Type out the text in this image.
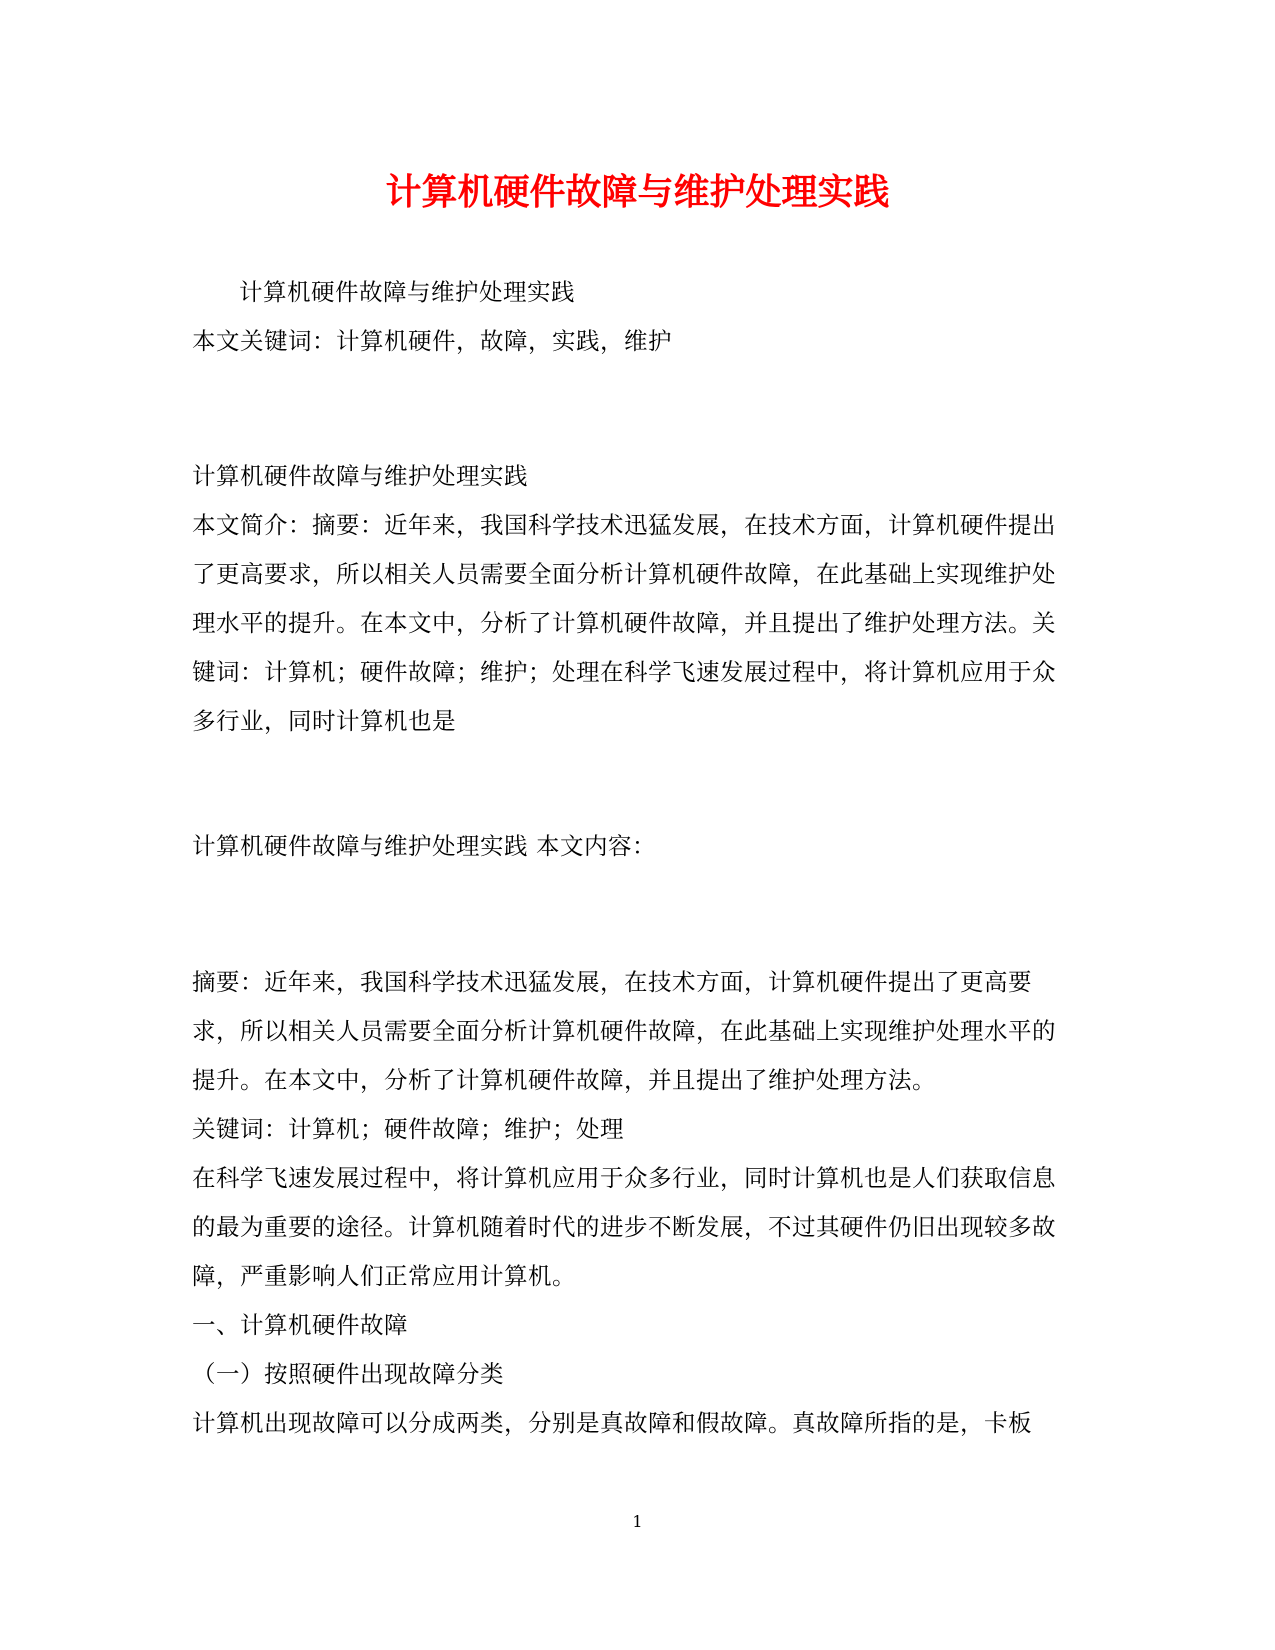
计算机硬件故障与维护处理实践

计算机硬件故障与维护处理实践

本文关键词：计算机硬件，故障，实践，维护

计算机硬件故障与维护处理实践

本文简介：摘要：近年来，我国科学技术迅猛发展，在技术方面，计算机硬件提出了更高要求，所以相关人员需要全面分析计算机硬件故障，在此基础上实现维护处理水平的提升。在本文中，分析了计算机硬件故障，并且提出了维护处理方法。关键词：计算机；硬件故障；维护；处理在科学飞速发展过程中，将计算机应用于众多行业，同时计算机也是

计算机硬件故障与维护处理实践 本文内容：

摘要：近年来，我国科学技术迅猛发展，在技术方面，计算机硬件提出了更高要求，所以相关人员需要全面分析计算机硬件故障，在此基础上实现维护处理水平的提升。在本文中，分析了计算机硬件故障，并且提出了维护处理方法。

关键词：计算机；硬件故障；维护；处理

在科学飞速发展过程中，将计算机应用于众多行业，同时计算机也是人们获取信息的最为重要的途径。计算机随着时代的进步不断发展，不过其硬件仍旧出现较多故障，严重影响人们正常应用计算机。

一、计算机硬件故障

（一）按照硬件出现故障分类

计算机出现故障可以分成两类，分别是真故障和假故障。真故障所指的是，卡板

1
